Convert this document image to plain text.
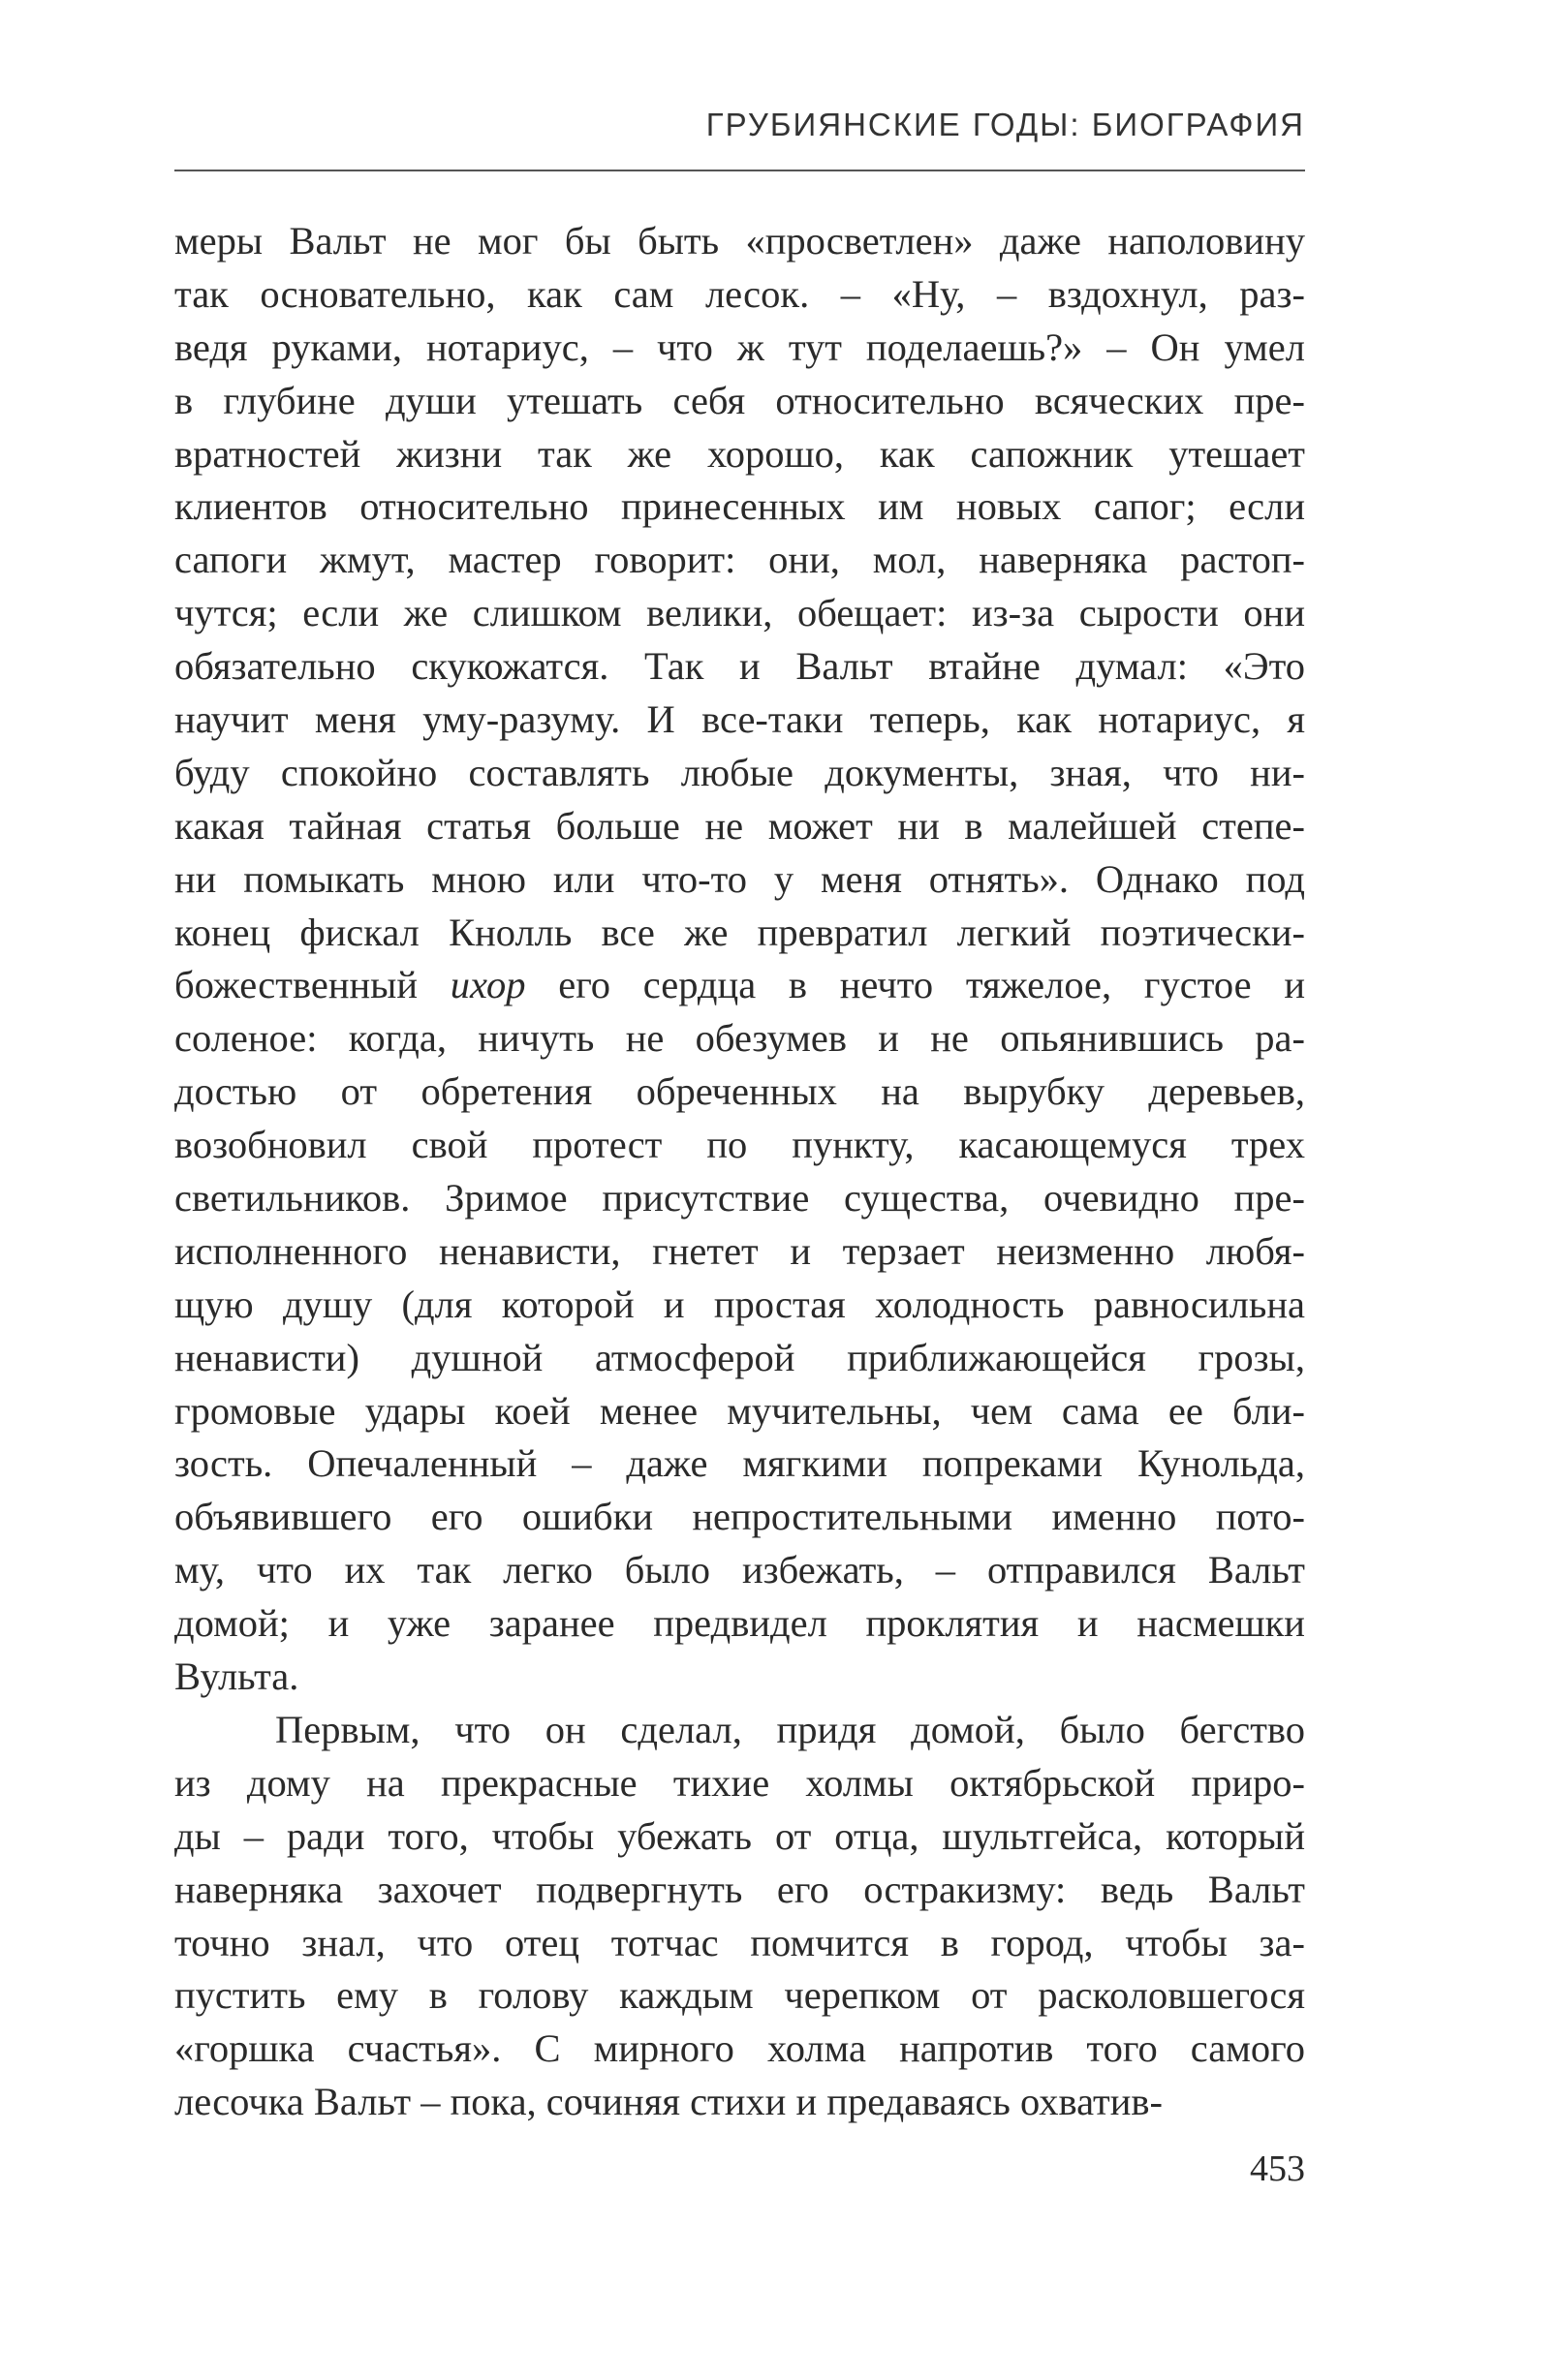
ГРУБИЯНСКИЕ ГОДЫ: БИОГРАФИЯ
меры Вальт не мог бы быть «просветлен» даже наполовину
так основательно, как сам лесок. – «Ну, – вздохнул, раз-
ведя руками, нотариус, – что ж тут поделаешь?» – Он умел
в глубине души утешать себя относительно всяческих пре-
вратностей жизни так же хорошо, как сапожник утешает
клиентов относительно принесенных им новых сапог; если
сапоги жмут, мастер говорит: они, мол, наверняка растоп-
чутся; если же слишком велики, обещает: из-за сырости они
обязательно скукожатся. Так и Вальт втайне думал: «Это
научит меня уму-разуму. И все-таки теперь, как нотариус, я
буду спокойно составлять любые документы, зная, что ни-
какая тайная статья больше не может ни в малейшей степе-
ни помыкать мною или что-то у меня отнять». Однако под
конец фискал Кнолль все же превратил легкий поэтически-
божественный ихор его сердца в нечто тяжелое, густое и
соленое: когда, ничуть не обезумев и не опьянившись ра-
достью от обретения обреченных на вырубку деревьев,
возобновил свой протест по пункту, касающемуся трех
светильников. Зримое присутствие существа, очевидно пре-
исполненного ненависти, гнетет и терзает неизменно любя-
щую душу (для которой и простая холодность равносильна
ненависти) душной атмосферой приближающейся грозы,
громовые удары коей менее мучительны, чем сама ее бли-
зость. Опечаленный – даже мягкими попреками Кунольда,
объявившего его ошибки непростительными именно пото-
му, что их так легко было избежать, – отправился Вальт
домой; и уже заранее предвидел проклятия и насмешки
Вульта.
Первым, что он сделал, придя домой, было бегство
из дому на прекрасные тихие холмы октябрьской приро-
ды – ради того, чтобы убежать от отца, шультгейса, который
наверняка захочет подвергнуть его остракизму: ведь Вальт
точно знал, что отец тотчас помчится в город, чтобы за-
пустить ему в голову каждым черепком от расколовшегося
«горшка счастья». С мирного холма напротив того самого
лесочка Вальт – пока, сочиняя стихи и предаваясь охватив-
453
